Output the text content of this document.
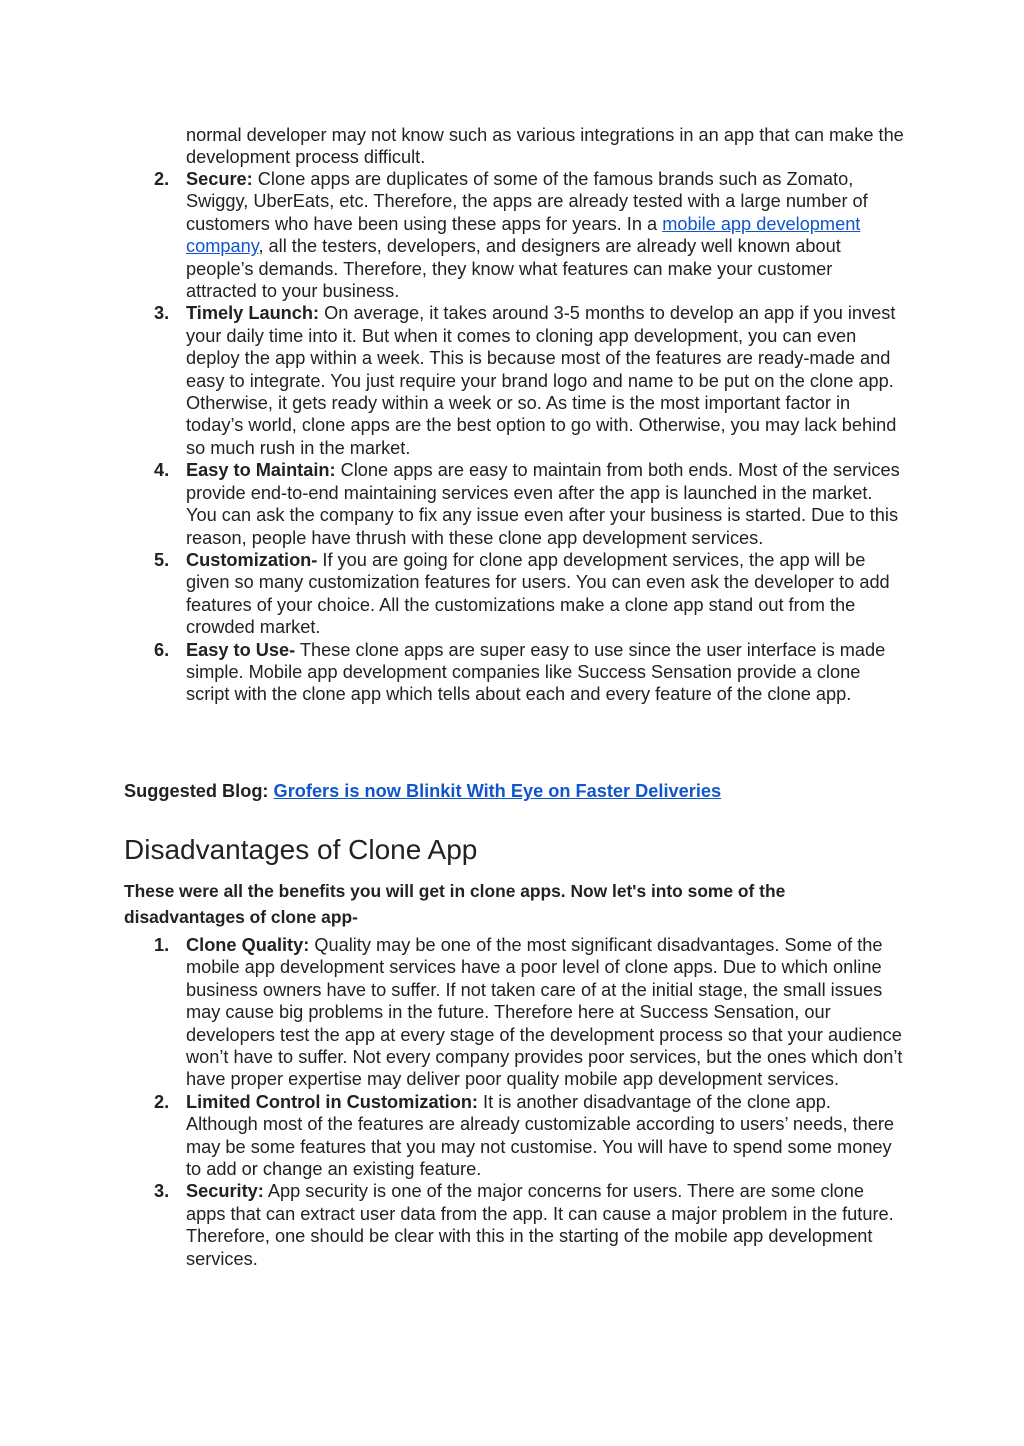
normal developer may not know such as various integrations in an app that can make the development process difficult.
2. Secure: Clone apps are duplicates of some of the famous brands such as Zomato, Swiggy, UberEats, etc. Therefore, the apps are already tested with a large number of customers who have been using these apps for years. In a mobile app development company, all the testers, developers, and designers are already well known about people’s demands. Therefore, they know what features can make your customer attracted to your business.
3. Timely Launch: On average, it takes around 3-5 months to develop an app if you invest your daily time into it. But when it comes to cloning app development, you can even deploy the app within a week. This is because most of the features are ready-made and easy to integrate. You just require your brand logo and name to be put on the clone app. Otherwise, it gets ready within a week or so. As time is the most important factor in today’s world, clone apps are the best option to go with. Otherwise, you may lack behind so much rush in the market.
4. Easy to Maintain: Clone apps are easy to maintain from both ends. Most of the services provide end-to-end maintaining services even after the app is launched in the market. You can ask the company to fix any issue even after your business is started. Due to this reason, people have thrush with these clone app development services.
5. Customization- If you are going for clone app development services, the app will be given so many customization features for users. You can even ask the developer to add features of your choice. All the customizations make a clone app stand out from the crowded market.
6. Easy to Use- These clone apps are super easy to use since the user interface is made simple. Mobile app development companies like Success Sensation provide a clone script with the clone app which tells about each and every feature of the clone app.
Suggested Blog: Grofers is now Blinkit With Eye on Faster Deliveries
Disadvantages of Clone App
These were all the benefits you will get in clone apps. Now let's into some of the disadvantages of clone app-
1. Clone Quality: Quality may be one of the most significant disadvantages. Some of the mobile app development services have a poor level of clone apps. Due to which online business owners have to suffer. If not taken care of at the initial stage, the small issues may cause big problems in the future. Therefore here at Success Sensation, our developers test the app at every stage of the development process so that your audience won’t have to suffer. Not every company provides poor services, but the ones which don’t have proper expertise may deliver poor quality mobile app development services.
2. Limited Control in Customization: It is another disadvantage of the clone app. Although most of the features are already customizable according to users’ needs, there may be some features that you may not customise. You will have to spend some money to add or change an existing feature.
3. Security: App security is one of the major concerns for users. There are some clone apps that can extract user data from the app. It can cause a major problem in the future. Therefore, one should be clear with this in the starting of the mobile app development services.
